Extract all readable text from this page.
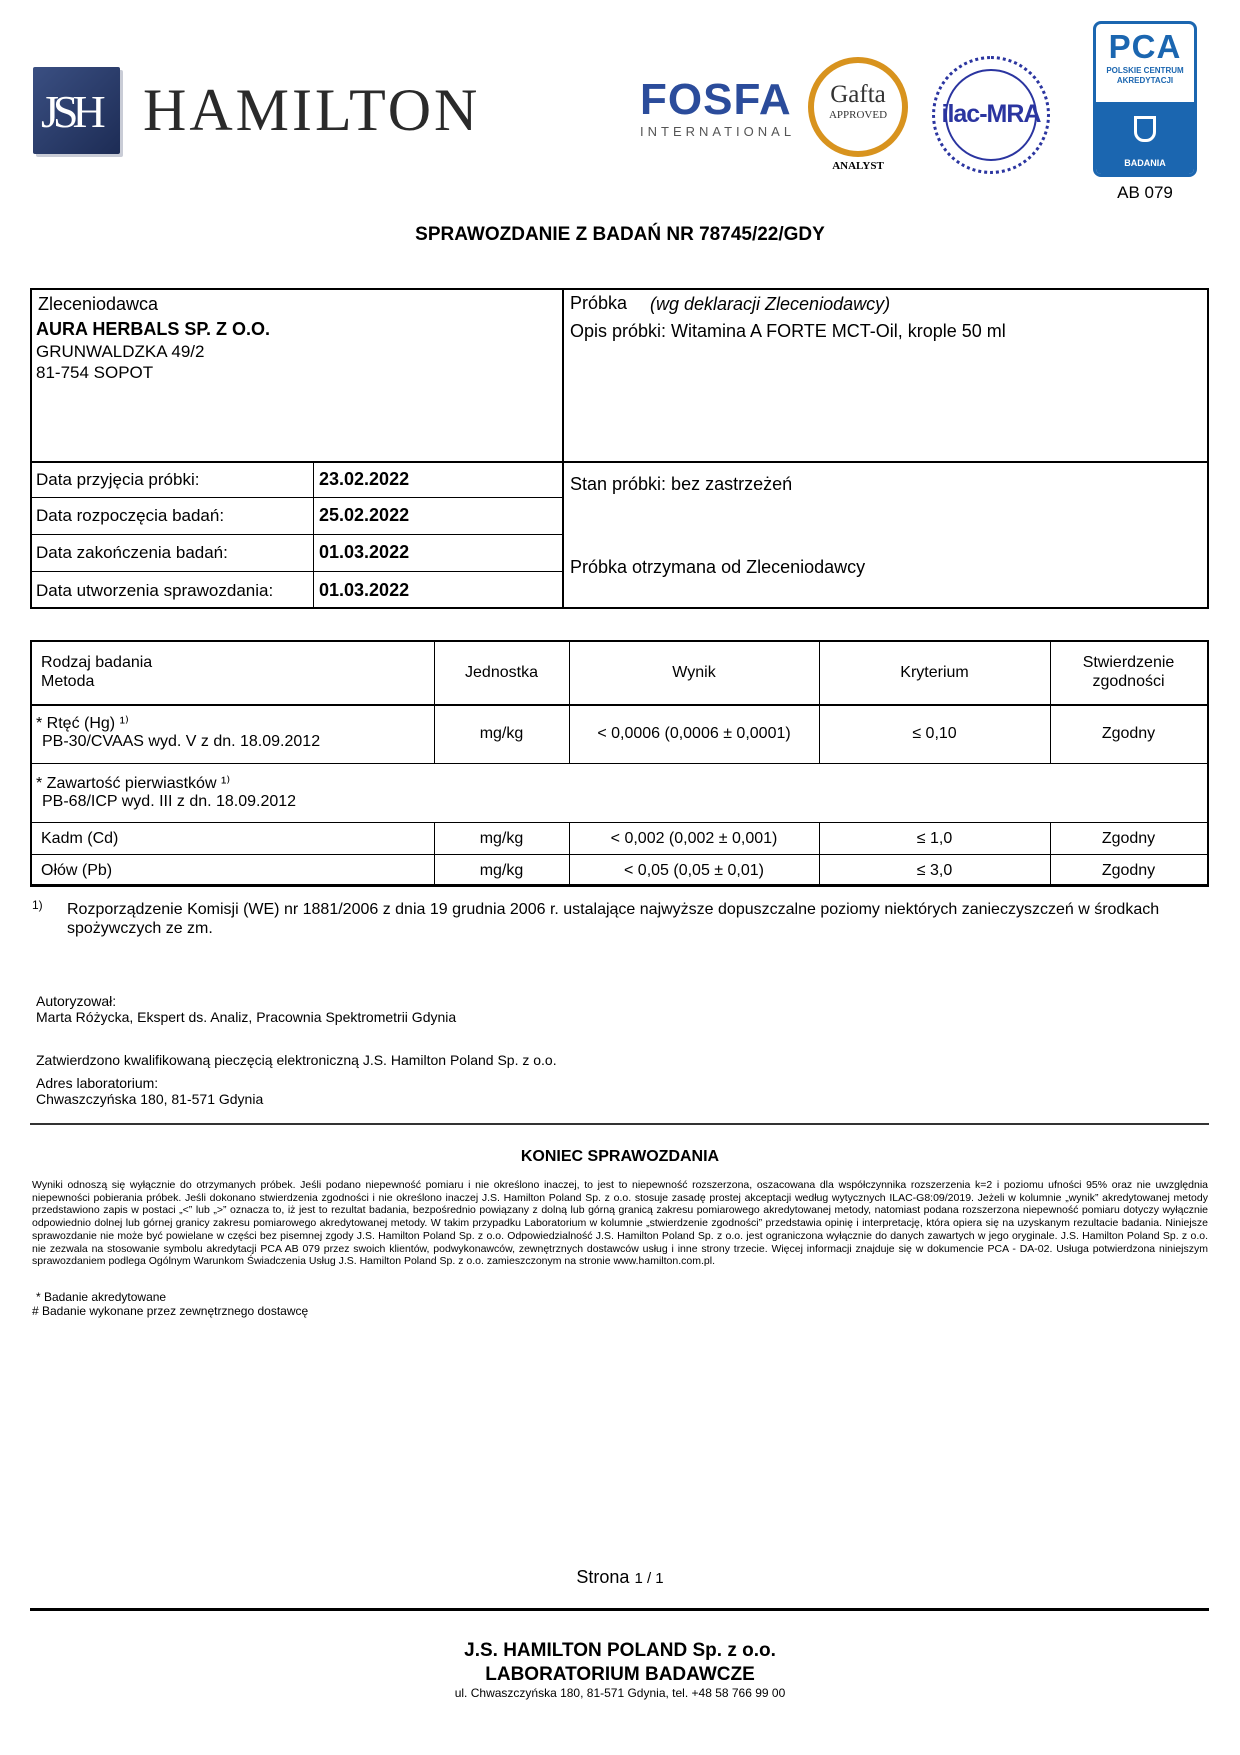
JSH HAMILTON	FOSFA
INTERNATIONAL
Gafta
APPROVED
ANALYST
ilac-MRA
PCA
POLSKIE CENTRUM
AKREDYTACJI
BADANIA
AB 079
SPRAWOZDANIE Z BADAŃ NR 78745/22/GDY
Zleceniodawca
AURA HERBALS SP. Z O.O.
GRUNWALDZKA 49/2
81-754 SOPOT
Próbka (wg deklaracji Zleceniodawcy)
Opis próbki: Witamina A FORTE MCT-Oil, krople 50 ml
Data przyjęcia próbki:	23.02.2022
Data rozpoczęcia badań:	25.02.2022
Data zakończenia badań:	01.03.2022
Data utworzenia sprawozdania:	01.03.2022
Stan próbki: bez zastrzeżeń
Próbka otrzymana od Zleceniodawcy
Rodzaj badania
Metoda
Jednostka	Wynik	Kryterium
Stwierdzenie
zgodności
* Rtęć (Hg) ¹⁾
PB-30/CVAAS wyd. V z dn. 18.09.2012	mg/kg	< 0,0006 (0,0006 ± 0,0001)	≤ 0,10	Zgodny
* Zawartość pierwiastków ¹⁾
PB-68/ICP wyd. III z dn. 18.09.2012
Kadm (Cd)	mg/kg	< 0,002 (0,002 ± 0,001)	≤ 1,0	Zgodny
Ołów (Pb)	mg/kg	< 0,05 (0,05 ± 0,01)	≤ 3,0	Zgodny
1) Rozporządzenie Komisji (WE) nr 1881/2006 z dnia 19 grudnia 2006 r. ustalające najwyższe dopuszczalne poziomy niektórych zanieczyszczeń w środkach spożywczych ze zm.
Autoryzował:
Marta Różycka, Ekspert ds. Analiz, Pracownia Spektrometrii Gdynia
Zatwierdzono kwalifikowaną pieczęcią elektroniczną J.S. Hamilton Poland Sp. z o.o.
Adres laboratorium:
Chwaszczyńska 180, 81-571 Gdynia
KONIEC SPRAWOZDANIA
Wyniki odnoszą się wyłącznie do otrzymanych próbek. Jeśli podano niepewność pomiaru i nie określono inaczej, to jest to niepewność rozszerzona, oszacowana dla współczynnika rozszerzenia k=2 i poziomu ufności 95% oraz nie uwzględnia niepewności pobierania próbek. Jeśli dokonano stwierdzenia zgodności i nie określono inaczej J.S. Hamilton Poland Sp. z o.o. stosuje zasadę prostej akceptacji według wytycznych ILAC-G8:09/2019. Jeżeli w kolumnie „wynik” akredytowanej metody przedstawiono zapis w postaci „<” lub „>” oznacza to, iż jest to rezultat badania, bezpośrednio powiązany z dolną lub górną granicą zakresu pomiarowego akredytowanej metody, natomiast podana rozszerzona niepewność pomiaru dotyczy wyłącznie odpowiednio dolnej lub górnej granicy zakresu pomiarowego akredytowanej metody. W takim przypadku Laboratorium w kolumnie „stwierdzenie zgodności” przedstawia opinię i interpretację, która opiera się na uzyskanym rezultacie badania. Niniejsze sprawozdanie nie może być powielane w części bez pisemnej zgody J.S. Hamilton Poland Sp. z o.o. Odpowiedzialność J.S. Hamilton Poland Sp. z o.o. jest ograniczona wyłącznie do danych zawartych w jego oryginale. J.S. Hamilton Poland Sp. z o.o. nie zezwala na stosowanie symbolu akredytacji PCA AB 079 przez swoich klientów, podwykonawców, zewnętrznych dostawców usług i inne strony trzecie. Więcej informacji znajduje się w dokumencie PCA - DA-02. Usługa potwierdzona niniejszym sprawozdaniem podlega Ogólnym Warunkom Świadczenia Usług J.S. Hamilton Poland Sp. z o.o. zamieszczonym na stronie www.hamilton.com.pl.
* Badanie akredytowane
# Badanie wykonane przez zewnętrznego dostawcę
Strona 1 / 1
J.S. HAMILTON POLAND Sp. z o.o.
LABORATORIUM BADAWCZE
ul. Chwaszczyńska 180, 81-571 Gdynia, tel. +48 58 766 99 00
